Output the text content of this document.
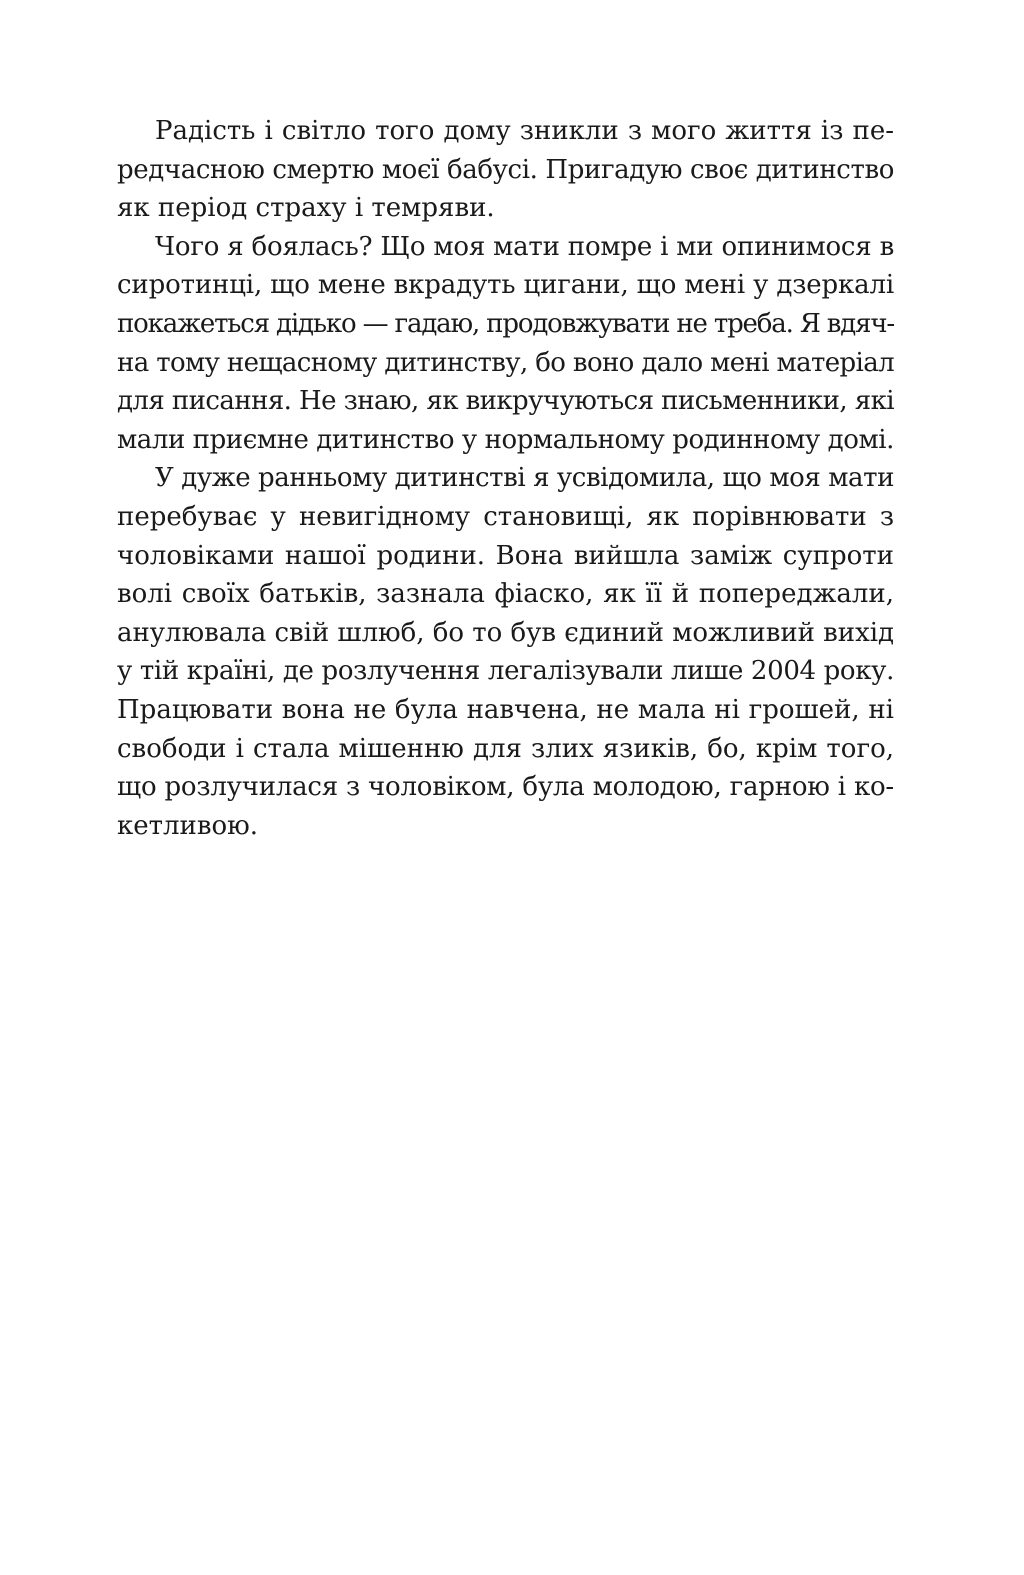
Радість і світло того дому зникли з мого життя із пе-
редчасною смертю моєї бабусі. Пригадую своє дитинство
як період страху і темряви.
Чого я боялась? Що моя мати помре і ми опинимося в
сиротинці, що мене вкрадуть цигани, що мені у дзеркалі
покажеться дідько — гадаю, продовжувати не треба. Я вдяч-
на тому нещасному дитинству, бо воно дало мені матеріал
для писання. Не знаю, як викручуються письменники, які
мали приємне дитинство у нормальному родинному домі.
У дуже ранньому дитинстві я усвідомила, що моя мати
перебуває у невигідному становищі, як порівнювати з
чоловіками нашої родини. Вона вийшла заміж супроти
волі своїх батьків, зазнала фіаско, як її й попереджали,
анулювала свій шлюб, бо то був єдиний можливий вихід
у тій країні, де розлучення легалізували лише 2004 року.
Працювати вона не була навчена, не мала ні грошей, ні
свободи і стала мішенню для злих язиків, бо, крім того,
що розлучилася з чоловіком, була молодою, гарною і ко-
кетливою.
